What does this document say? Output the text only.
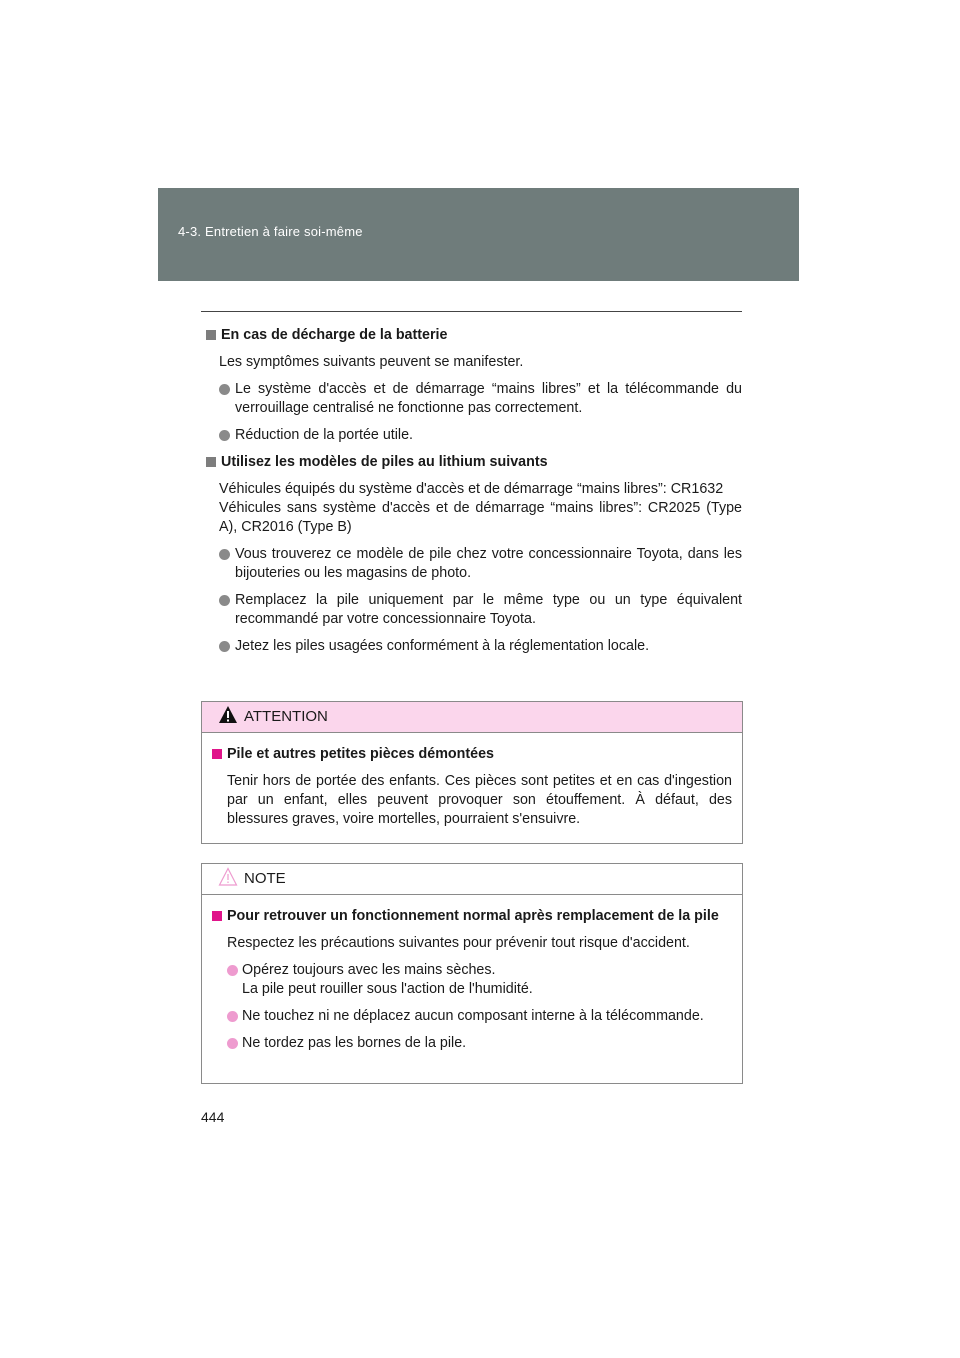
4-3. Entretien à faire soi-même
En cas de décharge de la batterie
Les symptômes suivants peuvent se manifester.
Le système d'accès et de démarrage “mains libres” et la télécommande du verrouillage centralisé ne fonctionne pas correctement.
Réduction de la portée utile.
Utilisez les modèles de piles au lithium suivants
Véhicules équipés du système d'accès et de démarrage “mains libres”: CR1632
Véhicules sans système d'accès et de démarrage “mains libres”: CR2025 (Type A), CR2016 (Type B)
Vous trouverez ce modèle de pile chez votre concessionnaire Toyota, dans les bijouteries ou les magasins de photo.
Remplacez la pile uniquement par le même type ou un type équivalent recommandé par votre concessionnaire Toyota.
Jetez les piles usagées conformément à la réglementation locale.
ATTENTION
Pile et autres petites pièces démontées
Tenir hors de portée des enfants. Ces pièces sont petites et en cas d'ingestion par un enfant, elles peuvent provoquer son étouffement. À défaut, des blessures graves, voire mortelles, pourraient s'ensuivre.
NOTE
Pour retrouver un fonctionnement normal après remplacement de la pile
Respectez les précautions suivantes pour prévenir tout risque d'accident.
Opérez toujours avec les mains sèches.
La pile peut rouiller sous l'action de l'humidité.
Ne touchez ni ne déplacez aucun composant interne à la télécommande.
Ne tordez pas les bornes de la pile.
444
